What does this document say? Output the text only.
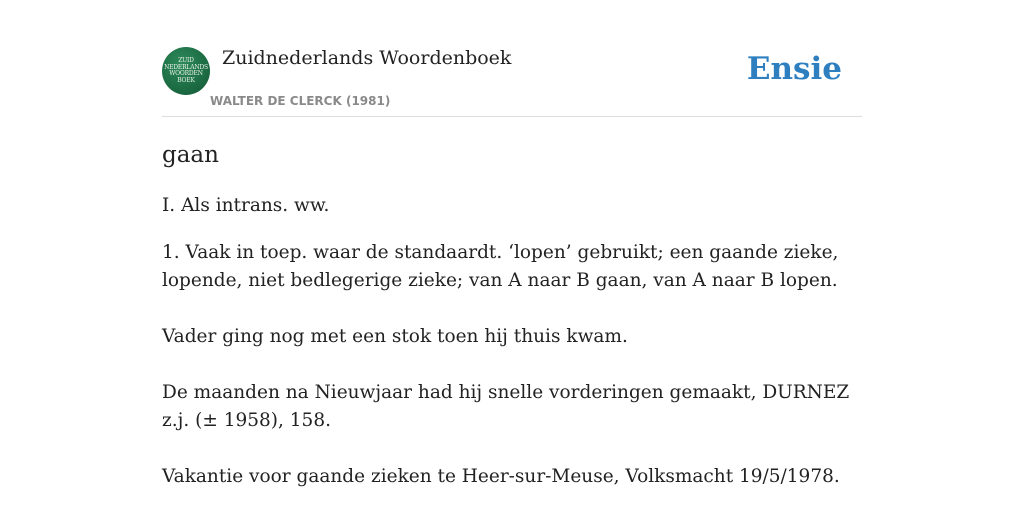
ZUID
NEDERLANDS
WOORDEN
BOEK
Zuidnederlands Woordenboek
WALTER DE CLERCK (1981)
Ensie
gaan

I. Als intrans. ww.

1. Vaak in toep. waar de standaardt. ‘lopen’ gebruikt; een gaande zieke, lopende, niet bedlegerige zieke; van A naar B gaan, van A naar B lopen.

Vader ging nog met een stok toen hij thuis kwam.

De maanden na Nieuwjaar had hij snelle vorderingen gemaakt, DURNEZ z.j. (± 1958), 158.

Vakantie voor gaande zieken te Heer-sur-Meuse, Volksmacht 19/5/1978.
